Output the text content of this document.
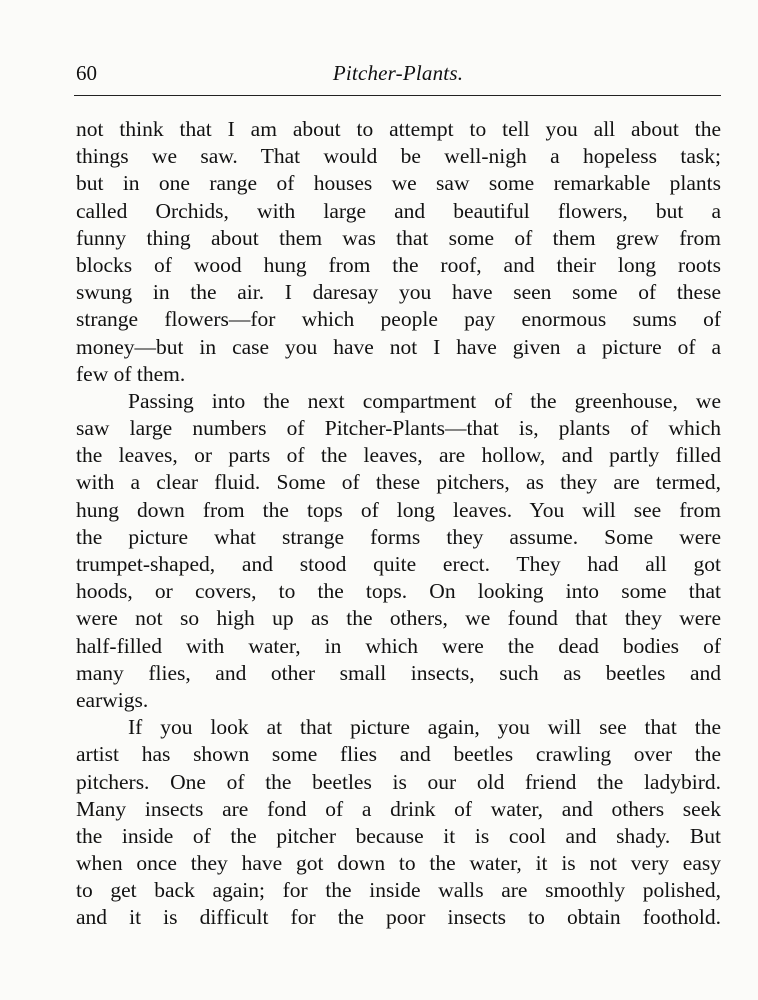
60	Pitcher-Plants.
not think that I am about to attempt to tell you all about the
things we saw. That would be well-nigh a hopeless task;
but in one range of houses we saw some remarkable plants
called Orchids, with large and beautiful flowers, but a
funny thing about them was that some of them grew from
blocks of wood hung from the roof, and their long roots
swung in the air. I daresay you have seen some of these
strange flowers—for which people pay enormous sums of
money—but in case you have not I have given a picture of a
few of them.
Passing into the next compartment of the greenhouse, we
saw large numbers of Pitcher-Plants—that is, plants of which
the leaves, or parts of the leaves, are hollow, and partly filled
with a clear fluid. Some of these pitchers, as they are termed,
hung down from the tops of long leaves. You will see from
the picture what strange forms they assume. Some were
trumpet-shaped, and stood quite erect. They had all got
hoods, or covers, to the tops. On looking into some that
were not so high up as the others, we found that they were
half-filled with water, in which were the dead bodies of
many flies, and other small insects, such as beetles and
earwigs.
If you look at that picture again, you will see that the
artist has shown some flies and beetles crawling over the
pitchers. One of the beetles is our old friend the ladybird.
Many insects are fond of a drink of water, and others seek
the inside of the pitcher because it is cool and shady. But
when once they have got down to the water, it is not very easy
to get back again; for the inside walls are smoothly polished,
and it is difficult for the poor insects to obtain foothold.
